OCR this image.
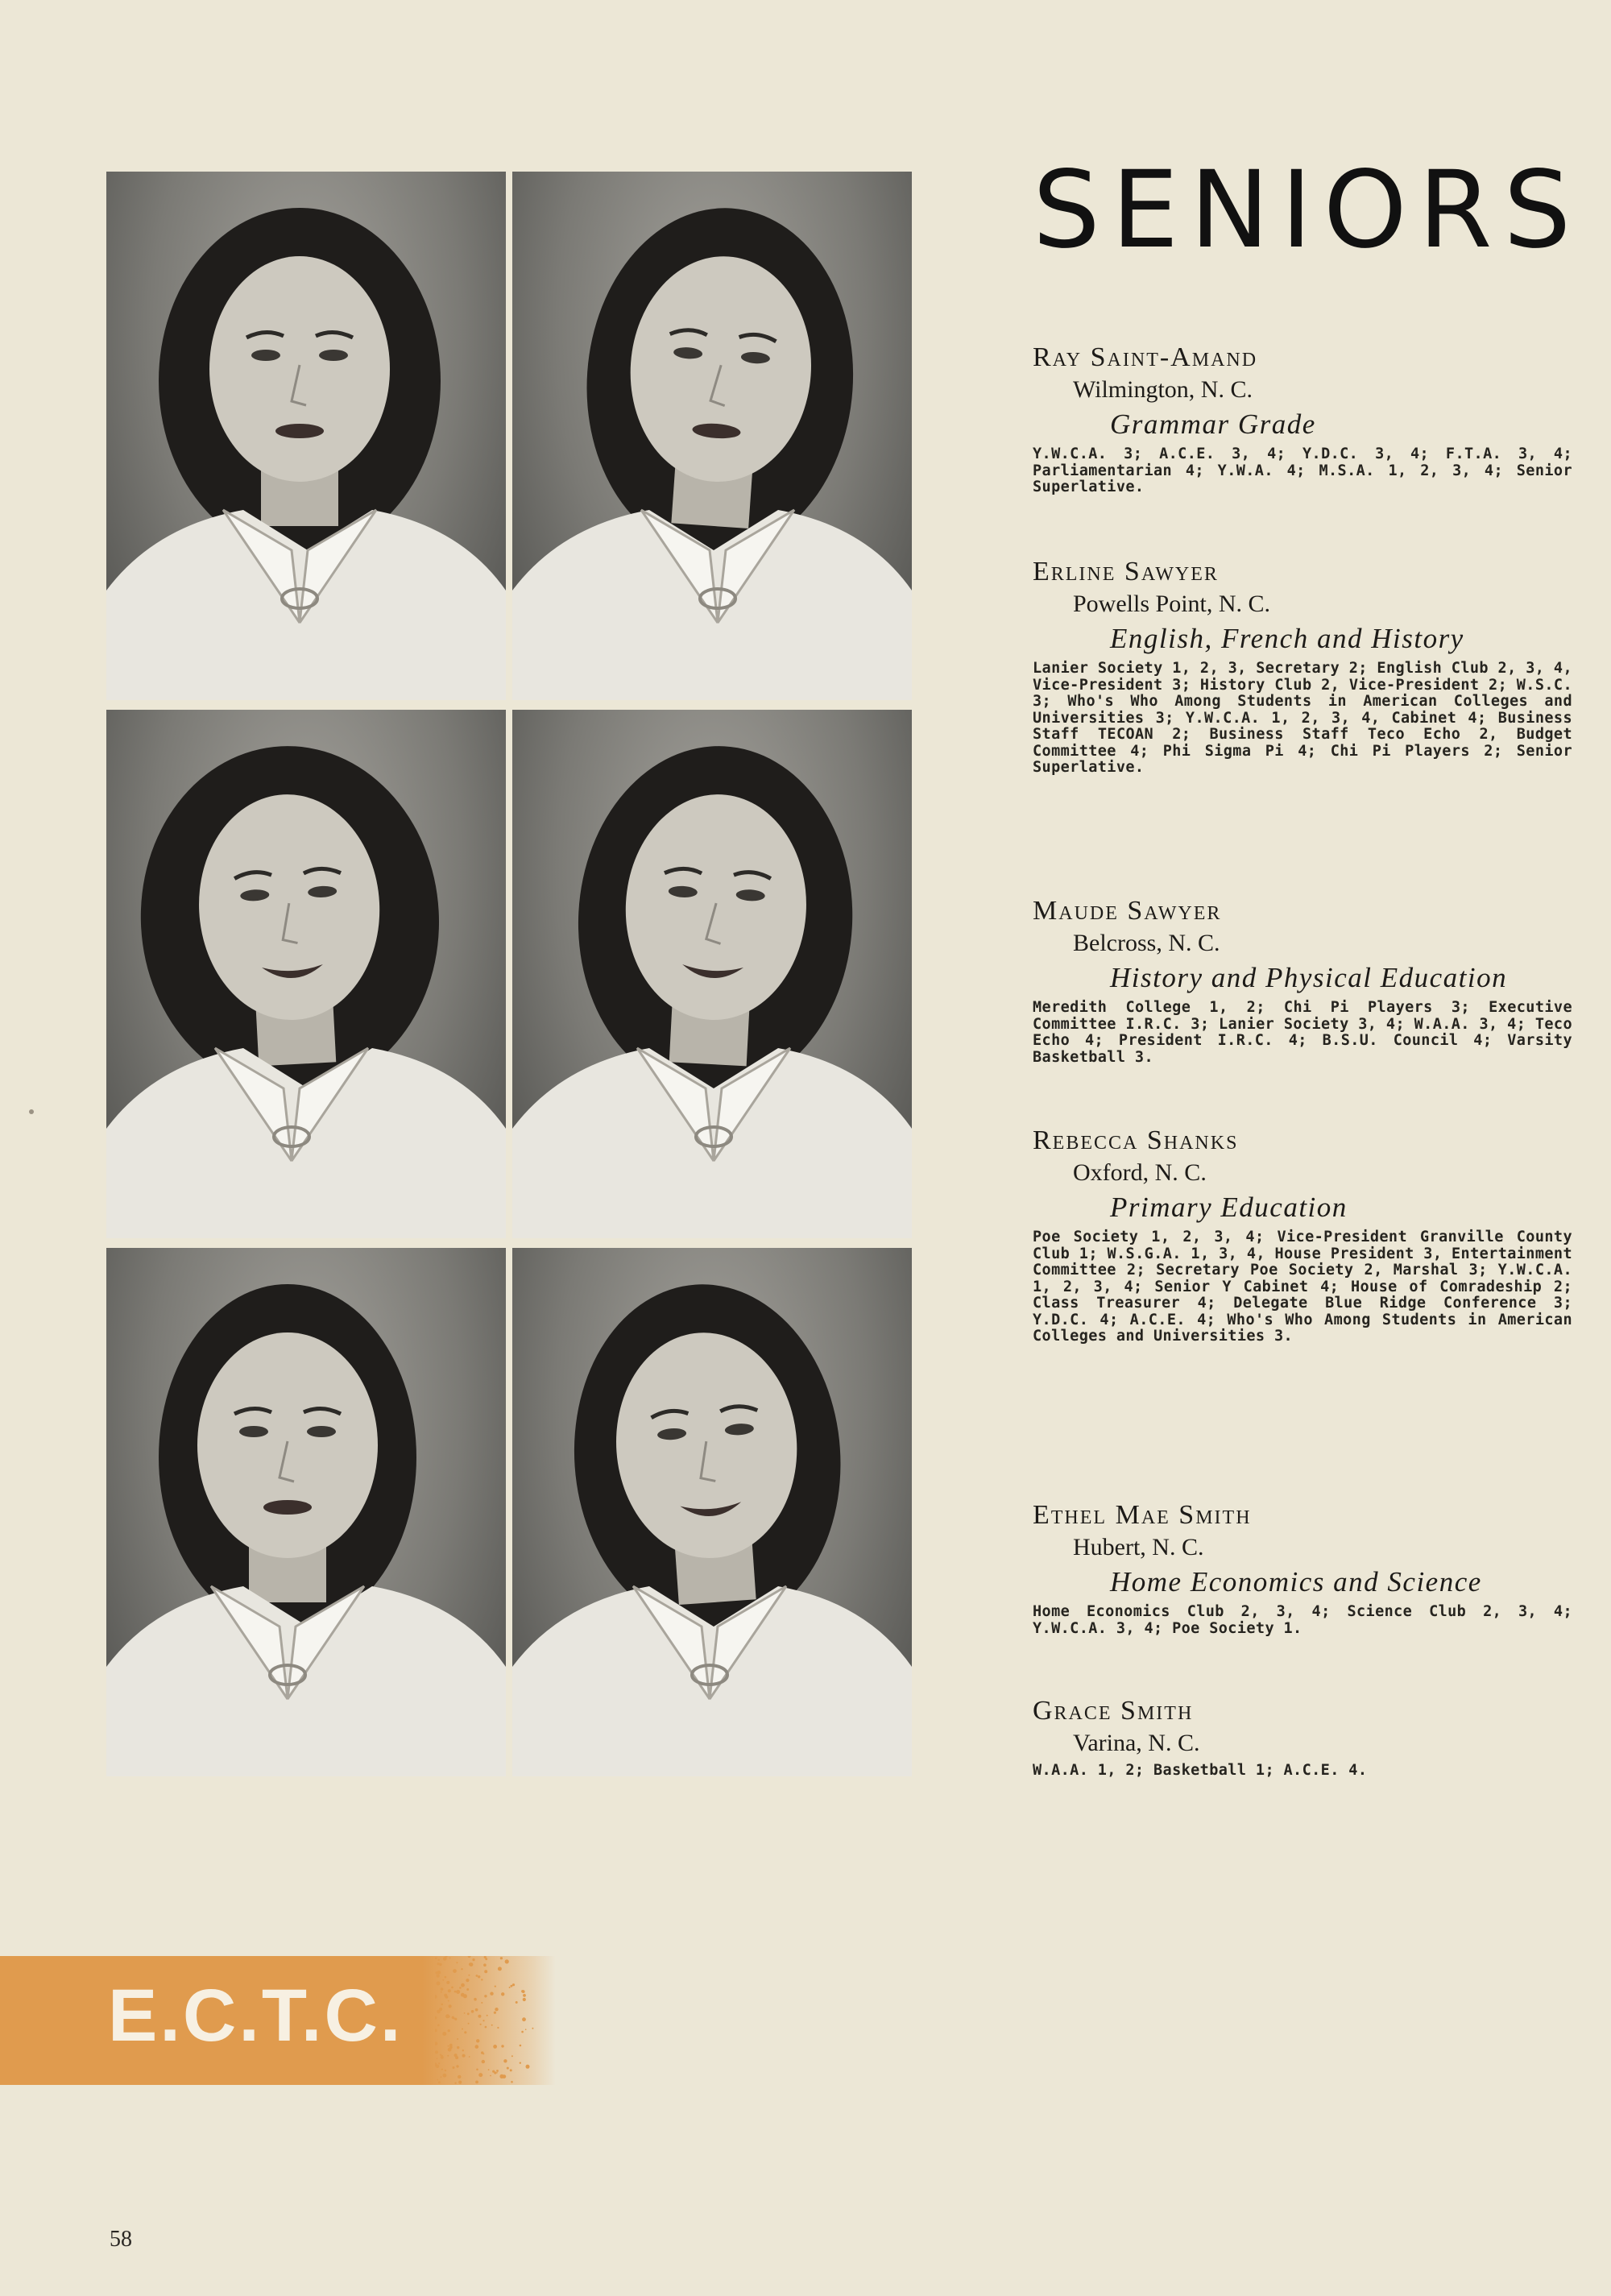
SENIORS
Ray Saint-Amand
Wilmington, N. C.
Grammar Grade
Y.W.C.A. 3; A.C.E. 3, 4; Y.D.C. 3, 4; F.T.A. 3, 4; Parliamentarian 4; Y.W.A. 4; M.S.A. 1, 2, 3, 4; Senior Superlative.
Erline Sawyer
Powells Point, N. C.
English, French and History
Lanier Society 1, 2, 3, Secretary 2; English Club 2, 3, 4, Vice-President 3; History Club 2, Vice-President 2; W.S.C. 3; Who's Who Among Students in American Colleges and Universities 3; Y.W.C.A. 1, 2, 3, 4, Cabinet 4; Business Staff TECOAN 2; Business Staff Teco Echo 2, Budget Committee 4; Phi Sigma Pi 4; Chi Pi Players 2; Senior Superlative.
Maude Sawyer
Belcross, N. C.
History and Physical Education
Meredith College 1, 2; Chi Pi Players 3; Executive Committee I.R.C. 3; Lanier Society 3, 4; W.A.A. 3, 4; Teco Echo 4; President I.R.C. 4; B.S.U. Council 4; Varsity Basketball 3.
Rebecca Shanks
Oxford, N. C.
Primary Education
Poe Society 1, 2, 3, 4; Vice-President Granville County Club 1; W.S.G.A. 1, 3, 4, House President 3, Entertainment Committee 2; Secretary Poe Society 2, Marshal 3; Y.W.C.A. 1, 2, 3, 4; Senior Y Cabinet 4; House of Comradeship 2; Class Treasurer 4; Delegate Blue Ridge Conference 3; Y.D.C. 4; A.C.E. 4; Who's Who Among Students in American Colleges and Universities 3.
Ethel Mae Smith
Hubert, N. C.
Home Economics and Science
Home Economics Club 2, 3, 4; Science Club 2, 3, 4; Y.W.C.A. 3, 4; Poe Society 1.
Grace Smith
Varina, N. C.
W.A.A. 1, 2; Basketball 1; A.C.E. 4.
E.C.T.C.
58
